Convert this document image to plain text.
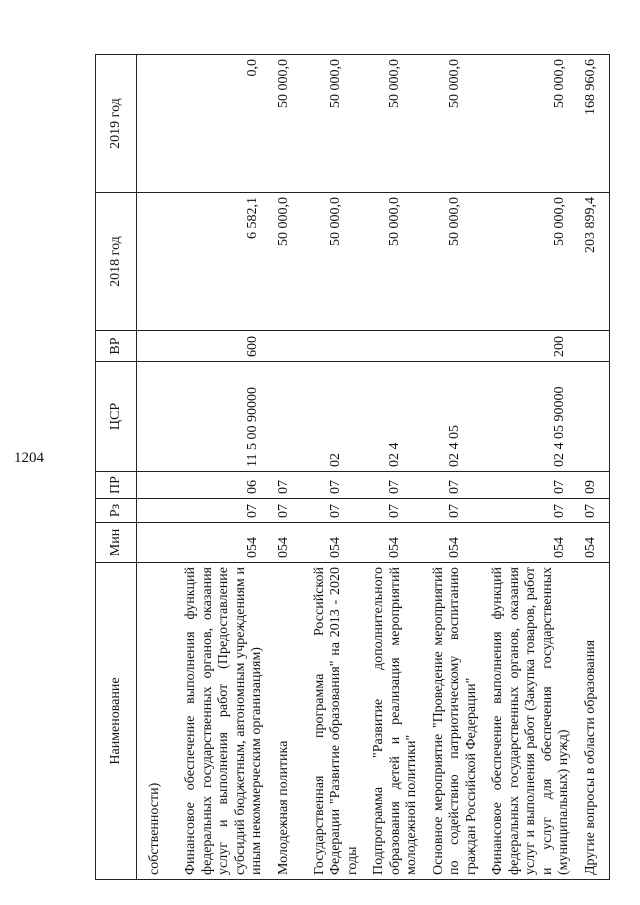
1204
Наименование	Мин	Рз	ПР	ЦСР	ВР	2018 год	2019 год
собственности)							
Финансовое обеспечение выполнения функций федеральных государственных органов, оказания услуг и выполнения работ (Предоставление субсидий бюджетным, автономным учреждениям и иным некоммерческим организациям)	054	07	06	11 5 00 90000	600	6 582,1	0,0
Молодежная политика	054	07	07			50 000,0	50 000,0
Государственная программа Российской Федерации "Развитие образования" на 2013 - 2020 годы	054	07	07	02		50 000,0	50 000,0
Подпрограмма "Развитие дополнительного образования детей и реализация мероприятий молодежной политики"	054	07	07	02 4		50 000,0	50 000,0
Основное мероприятие "Проведение мероприятий по содействию патриотическому воспитанию граждан Российской Федерации"	054	07	07	02 4 05		50 000,0	50 000,0
Финансовое обеспечение выполнения функций федеральных государственных органов, оказания услуг и выполнения работ (Закупка товаров, работ и услуг для обеспечения государственных (муниципальных) нужд)	054	07	07	02 4 05 90000	200	50 000,0	50 000,0
Другие вопросы в области образования	054	07	09			203 899,4	168 960,6
